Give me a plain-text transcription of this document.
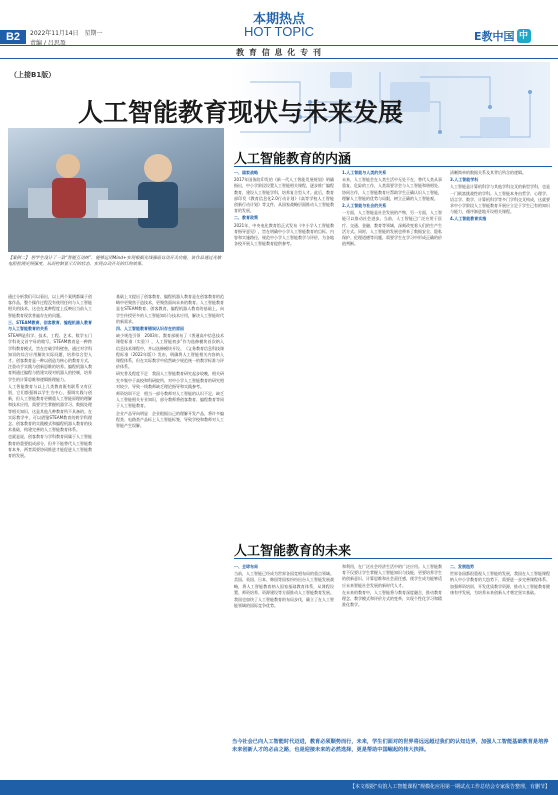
B2	2022年11月14日　星期一
责编 / 吕思盈
本期热点
HOT TOPIC
教 育 信 息 化 专 刊
E教中国 中
（上接B1版）
人工智能教育现状与未来发展
人工智能教育的内涵
【案例二】 居学生设计了一款“智能互动树”，能够运用Mind+实现根据光线强弱自动开关功能，该作品通过光敏电阻检测光照强度，从而控制显示灯的状态，实现自动开关的灯的效果。

通过分析我们可以看出，以上两个案例都属于创客作品，整个操作过程没有使用任何与人工智能相关的技术，这也在某种程度上反映出当前人工智能教育现状普遍存在的问题。

三、STEAM教育、创客教育、编程机器人教育与人工智能教育的关系

STEAM是科学、技术、工程、艺术、数学五门学科英文首字母的缩写。STEAM教育是一种跨学科教育模式，旨在打破学科壁垒，通过对学科知识的综合应用解决实际问题，培养综合型人才。创客教育是一种以创造为核心的教育方式，注重动手实践与创新思维的培养。编程机器人教育则通过编程与搭建实现对机器人的控制，培养学生的计算思维和逻辑推理能力。

人工智能教育与以上几类教育既有联系又有区别，它们都强调以学生为中心，强调实践与创新，但人工智能教育更侧重人工智能原理的理解和技术应用，需要学生掌握机器学习、数据处理等相关知识，这是其他几种教育所不具备的。在实际教学中，可以借鉴STEAM教育的跨学科理念、创客教育的实践模式和编程机器人教育的技术基础，构建完善的人工智能教育体系。

也就是说，创客教育与学科教育同属于人工智能教育的重要组成部分，但并不能替代人工智能教育本身，两者需要协同推进才能促进人工智能教育的发展。

基础上又提出了创客教育、编程机器人教育是在创客教育的范畴中更聚焦于造技术，更聚焦面向未来的教育。人工智能教育是在STEAM教育、创客教育、编程机器人教育的基础上，向学生传授更多的人工智能知识与技术应用，解决人工智能时代的新需求。

四、人工智能教育错误认识存在的原因

缺少规范引领　2003年，教育部颁布了《普通高中信息技术课程标准（实验）》，人工智能初步”作为选修模块首次纳入信息技术课程中，并以选修模块开设。《义务教育信息科技课程标准（2022年版）》发布，明确将人工智能相关内容纳入课程体系，但在实际教学中依然缺少规范统一的教学标准与评价体系。

研究普及程度不足　我国人工智能教育研究起步较晚，相关研究多集中于高校和科研院所，对中小学人工智能教育的研究相对较少，导致一线教师缺乏理论指导和实践参考。

师资培训不足　相当一部分教师对人工智能的认识不足，缺乏人工智能相关专业知识，部分教师将创客教育、编程教育等同于人工智能教育。

企业产品导向明显　企业根据自己的理解开发产品，将许多编程类、电路类产品标上人工智能标签，导致学校和教师对人工智能产生误解。

一、国家战略

2017年国务院印发的《新一代人工智能发展规划》明确指出，中小学阶段设置人工智能相关课程，逐步推广编程教育，建设人工智能学科，培养复合型人才。此后，教育部印发《教育信息化2.0行动计划》《高等学校人工智能创新行动计划》等文件，从国家战略层面推动人工智能教育的发展。

二、教育政策

2021年，中央电化教育馆正式发布《中小学人工智能教育指导意见》，旨在明确中小学人工智能教育的目标、内容和实施路径，规范中小学人工智能教学与评价，为各地各校开展人工智能教育提供参考。

1.人工智能与人类的关系

未来，人工智能会在人类生活中无处不在，替代人类从事重复、危险的工作，人类需要学会与人工智能和谐相处、协同合作，人工智能教育应帮助学生正确认识人工智能，理解人工智能的优势与局限，树立正确的人工智能观。

2.人工智能与社会的关系

一方面，人工智能是社会发展的产物，另一方面，人工智能可以推动社会进步。当前，人工智能已广泛应用于医疗、交通、金融、教育等领域，深刻改变着人们的生产生活方式。同时，人工智能的发展也带来了数据安全、隐私保护、伦理道德等问题，需要学生在学习中形成正确的价值判断。

清晰简单的数据关系及其背后所含的逻辑。

3.人工智能学科

人工智能是计算机科学与其他学科交叉的新型学科，也是一门极富挑战性的学科。人工智能本身由哲学、心理学、语言学、数学、计算机科学等多门学科交叉构成，这就要求中小学阶段人工智能教育开展应立足于学生已有的知识与能力，循序渐进地开设相关课程。

4.人工智能教育实施

人工智能教育的未来

一、全球布局

当前，人工智能已经成为世界各国竞相布局的重点领域。美国、英国、日本、韩国等国家纷纷出台人工智能发展战略，将人工智能教育纳入国家基础教育体系，从课程设置、师资培养、资源建设等方面推动人工智能教育发展。

我国也加快了人工智能教育的布局步伐，确立了在人工智能领域的国际竞争优势。

和利用，在广泛社会经济生活中的广泛应用。人工智能教育不仅要让学生掌握人工智能知识与技能，更要培养学生的创新意识、计算思维和社会责任感，使学生成为能够适应未来智能社会发展的新时代人才。

在未来的教育中，人工智能将与教育深度融合，推动教育理念、教学模式和评价方式的变革，实现个性化学习和精准化教学。

二、发展趋势

世界各国都很重视人工智能的发展，我国在人工智能课程纳入中小学教育的大趋势下，需要进一步完善课程体系、加强师资培训、开发优质教学资源，推动人工智能教育健康有序发展，为培养未来创新人才奠定坚实基础。

当今社会已向人工智能时代迈进，教育必须顺势而行，未来，学生们面对的世界将远远超过我们的认知边界，加强人工智能基础教育是培养未来创新人才的必由之路，也是迎接未来的必然选择，更是帮助中国崛起的伟大抉择。
【本文根据“央馆人工智能课程”规模化应用第一期试点工作总结会专家报告整理，有删节】
